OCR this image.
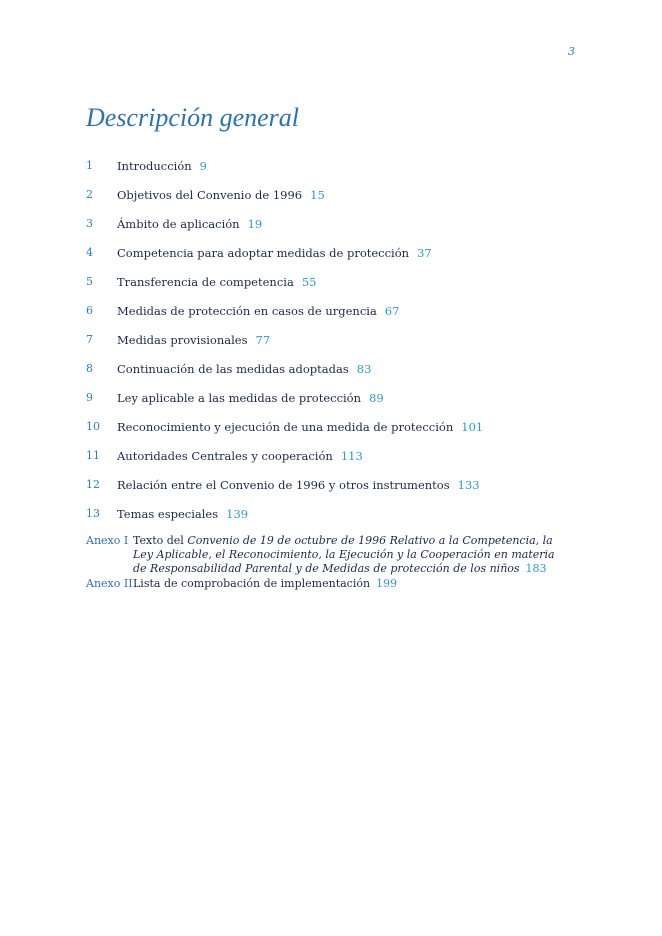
3
Descripción general
1	Introducción 9
2	Objetivos del Convenio de 1996 15
3	Ámbito de aplicación 19
4	Competencia para adoptar medidas de protección 37
5	Transferencia de competencia 55
6	Medidas de protección en casos de urgencia 67
7	Medidas provisionales 77
8	Continuación de las medidas adoptadas 83
9	Ley aplicable a las medidas de protección 89
10	Reconocimiento y ejecución de una medida de protección 101
11	Autoridades Centrales y cooperación 113
12	Relación entre el Convenio de 1996 y otros instrumentos 133
13	Temas especiales 139
Anexo I Texto del Convenio de 19 de octubre de 1996 Relativo a la Competencia, la Ley Aplicable, el Reconocimiento, la Ejecución y la Cooperación en materia de Responsabilidad Parental y de Medidas de protección de los niños 183
Anexo II Lista de comprobación de implementación 199
